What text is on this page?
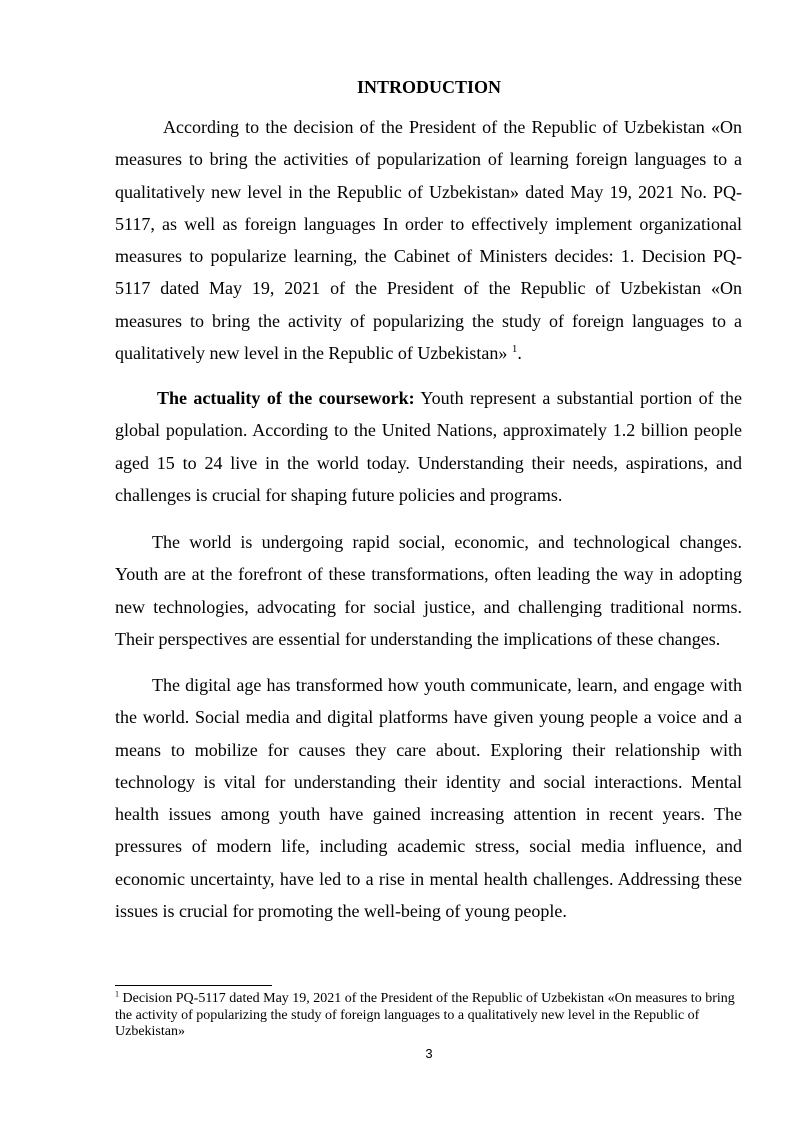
INTRODUCTION

According to the decision of the President of the Republic of Uzbekistan «On measures to bring the activities of popularization of learning foreign languages to a qualitatively new level in the Republic of Uzbekistan» dated May 19, 2021 No. PQ-5117, as well as foreign languages In order to effectively implement organizational measures to popularize learning, the Cabinet of Ministers decides: 1. Decision PQ-5117 dated May 19, 2021 of the President of the Republic of Uzbekistan «On measures to bring the activity of popularizing the study of foreign languages to a qualitatively new level in the Republic of Uzbekistan» $^1$.

The actuality of the coursework: Youth represent a substantial portion of the global population. According to the United Nations, approximately 1.2 billion people aged 15 to 24 live in the world today. Understanding their needs, aspirations, and challenges is crucial for shaping future policies and programs.

The world is undergoing rapid social, economic, and technological changes. Youth are at the forefront of these transformations, often leading the way in adopting new technologies, advocating for social justice, and challenging traditional norms. Their perspectives are essential for understanding the implications of these changes.

The digital age has transformed how youth communicate, learn, and engage with the world. Social media and digital platforms have given young people a voice and a means to mobilize for causes they care about. Exploring their relationship with technology is vital for understanding their identity and social interactions. Mental health issues among youth have gained increasing attention in recent years. The pressures of modern life, including academic stress, social media influence, and economic uncertainty, have led to a rise in mental health challenges. Addressing these issues is crucial for promoting the well-being of young people.

$^1$ Decision PQ-5117 dated May 19, 2021 of the President of the Republic of Uzbekistan «On measures to bring the activity of popularizing the study of foreign languages to a qualitatively new level in the Republic of Uzbekistan»

3
